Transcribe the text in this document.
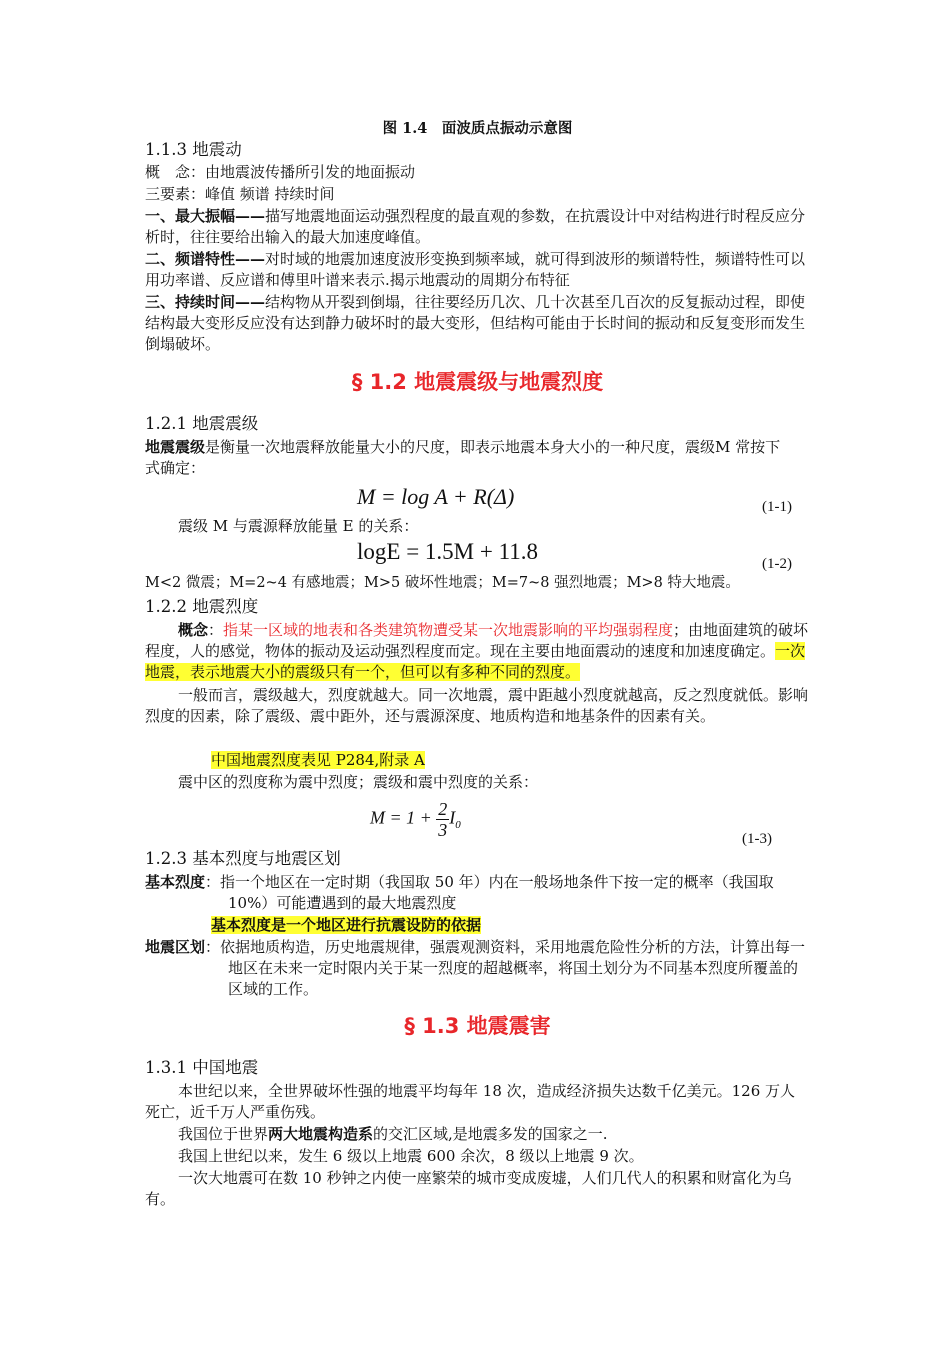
图 1.4　面波质点振动示意图
1.1.3 地震动
概　念：由地震波传播所引发的地面振动
三要素：峰值 频谱 持续时间
一、最大振幅——描写地震地面运动强烈程度的最直观的参数，在抗震设计中对结构进行时程反应分析时，往往要给出输入的最大加速度峰值。
二、频谱特性——对时域的地震加速度波形变换到频率域，就可得到波形的频谱特性，频谱特性可以用功率谱、反应谱和傅里叶谱来表示.揭示地震动的周期分布特征
三、持续时间——结构物从开裂到倒塌，往往要经历几次、几十次甚至几百次的反复振动过程，即使结构最大变形反应没有达到静力破坏时的最大变形，但结构可能由于长时间的振动和反复变形而发生倒塌破坏。
§ 1.2 地震震级与地震烈度
1.2.1 地震震级
地震震级是衡量一次地震释放能量大小的尺度，即表示地震本身大小的一种尺度，震级M 常按下式确定：
M = log A + R(Δ)	(1-1)
震级 M 与震源释放能量 E 的关系：
logE = 1.5M + 11.8	(1-2)
M<2 微震；M=2~4 有感地震；M>5 破坏性地震；M=7~8 强烈地震；M>8 特大地震。
1.2.2 地震烈度
概念：指某一区域的地表和各类建筑物遭受某一次地震影响的平均强弱程度；由地面建筑的破坏程度，人的感觉，物体的振动及运动强烈程度而定。现在主要由地面震动的速度和加速度确定。一次地震，表示地震大小的震级只有一个，但可以有多种不同的烈度。
一般而言，震级越大，烈度就越大。同一次地震，震中距越小烈度就越高，反之烈度就低。影响烈度的因素，除了震级、震中距外，还与震源深度、地质构造和地基条件的因素有关。
中国地震烈度表见 P284,附录 A
震中区的烈度称为震中烈度；震级和震中烈度的关系：
$M = 1 + \frac{2}{3} I_0$
(1-3)
1.2.3 基本烈度与地震区划
基本烈度：指一个地区在一定时期（我国取 50 年）内在一般场地条件下按一定的概率（我国取 10%）可能遭遇到的最大地震烈度
基本烈度是一个地区进行抗震设防的依据
地震区划：依据地质构造，历史地震规律，强震观测资料，采用地震危险性分析的方法，计算出每一地区在未来一定时限内关于某一烈度的超越概率，将国土划分为不同基本烈度所覆盖的区域的工作。
§ 1.3 地震震害
1.3.1 中国地震
本世纪以来，全世界破坏性强的地震平均每年 18 次，造成经济损失达数千亿美元。126 万人死亡，近千万人严重伤残。
我国位于世界两大地震构造系的交汇区域,是地震多发的国家之一.
我国上世纪以来，发生 6 级以上地震 600 余次，8 级以上地震 9 次。
一次大地震可在数 10 秒钟之内使一座繁荣的城市变成废墟，人们几代人的积累和财富化为乌有。
